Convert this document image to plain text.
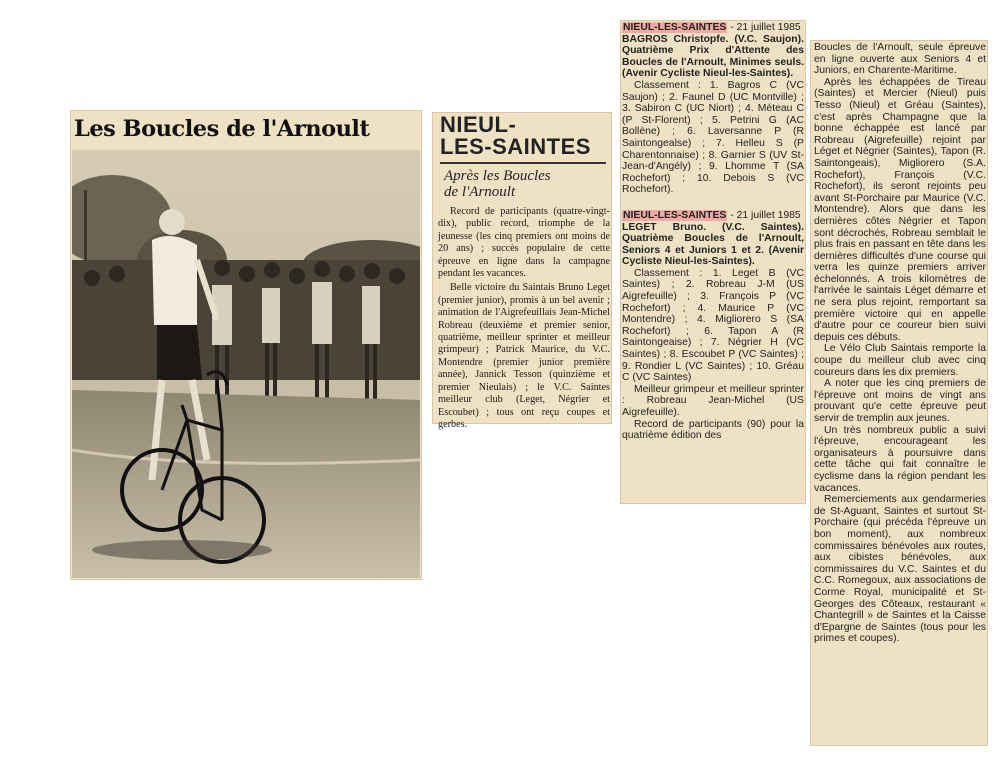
Les Boucles de l'Arnoult	NIEUL-
LES-SAINTES
Après les Boucles
de l'Arnoult

Record de participants (quatre-vingt-dix), public record, triomphe de la jeunesse (les cinq premiers ont moins de 20 ans) ; succès populaire de cette épreuve en ligne dans la campagne pendant les vacances.

Belle victoire du Saintais Bruno Leget (premier junior), promis à un bel avenir ; animation de l'Aigrefeuillais Jean-Michel Robreau (deuxième et premier senior, quatrième, meilleur sprinter et meilleur grimpeur) ; Patrick Maurice, du V.C. Montendre (premier junior première année), Jannick Tesson (quinzième et premier Nieulais) ; le V.C. Saintes meilleur club (Leget, Négrier et Escoubet) ; tous ont reçu coupes et gerbes.

NIEUL-LES-SAINTES - 21 juillet 1985

BAGROS Christopfe. (V.C. Saujon). Quatrième Prix d'Attente des Boucles de l'Arnoult, Minimes seuls. (Avenir Cycliste Nieul-les-Saintes).

Classement : 1. Bagros C (VC Saujon) ; 2. Faunel D (UC Montville) ; 3. Sabiron C (UC Niort) ; 4. Méteau C (P St-Florent) ; 5. Petrini G (AC Bollène) ; 6. Laversanne P (R Saintongealse) ; 7. Helleu S (P Charentonnaise) ; 8. Garnier S (UV St-Jean-d'Angély) ; 9. Lhomme T (SA Rochefort) ; 10. Debois S (VC Rochefort).

NIEUL-LES-SAINTES - 21 juillet 1985

LEGET Bruno. (V.C. Saintes). Quatrième Boucles de l'Arnoult, Seniors 4 et Juniors 1 et 2. (Avenir Cycliste Nieul-les-Saintes).

Classement : 1. Leget B (VC Saintes) ; 2. Robreau J-M (US Aigrefeuille) ; 3. François P (VC Rochefort) ; 4. Maurice P (VC Montendre) ; 4. Migliorero S (SA Rochefort) ; 6. Tapon A (R Saintongeaise) ; 7. Négrier H (VC Saintes) ; 8. Escoubet P (VC Saintes) ; 9. Rondier L (VC Saintes) ; 10. Gréau C (VC Saintes)

Meilleur grimpeur et meilleur sprinter : Robreau Jean-Michel (US Aigrefeuille).

Record de participants (90) pour la quatrième édition des

Boucles de l'Arnoult, seule épreuve en ligne ouverte aux Seniors 4 et Juniors, en Charente-Maritime.

Après les échappées de Tireau (Saintes) et Mercier (Nieul) puis Tesso (Nieul) et Gréau (Saintes), c'est après Champagne que la bonne échappée est lancé par Robreau (Aigrefeuille) rejoint par Léget et Négrier (Saintes), Tapon (R. Saintongeais), Migliorero (S.A. Rochefort), François (V.C. Rochefort), ils seront rejoints peu avant St-Porchaire par Maurice (V.C. Montendre). Alors que dans les dernières côtes Négrier et Tapon sont décrochés, Robreau semblait le plus frais en passant en tête dans les dernières difficultés d'une course qui verra les quinze premiers arriver échelonnés. A trois kilomètres de l'arrivée le saintais Léget démarre et ne sera plus rejoint, remportant sa première victoire qui en appelle d'autre pour ce coureur bien suivi depuis ces débuts.

Le Vélo Club Saintais remporte la coupe du meilleur club avec cinq coureurs dans les dix premiers.

A noter que les cinq premiers de l'épreuve ont moins de vingt ans prouvant qu'e cette épreuve peut servir de tremplin aux jeunes.

Un très nombreux public a suivi l'épreuve, encourageant les organisateurs à poursuivre dans cette tâche qui fait connaître le cyclisme dans la région pendant les vacances.

Remerciements aux gendarmeries de St-Aguant, Saintes et surtout St-Porchaire (qui précéda l'épreuve un bon moment), aux nombreux commissaires bénévoles aux routes, aux cibistes bénévoles, aux commissaires du V.C. Saintes et du C.C. Romegoux, aux associations de Corme Royal, municipalité et St-Georges des Côteaux, restaurant « Chantegrill » de Saintes et la Caisse d'Epargne de Saintes (tous pour les primes et coupes).
